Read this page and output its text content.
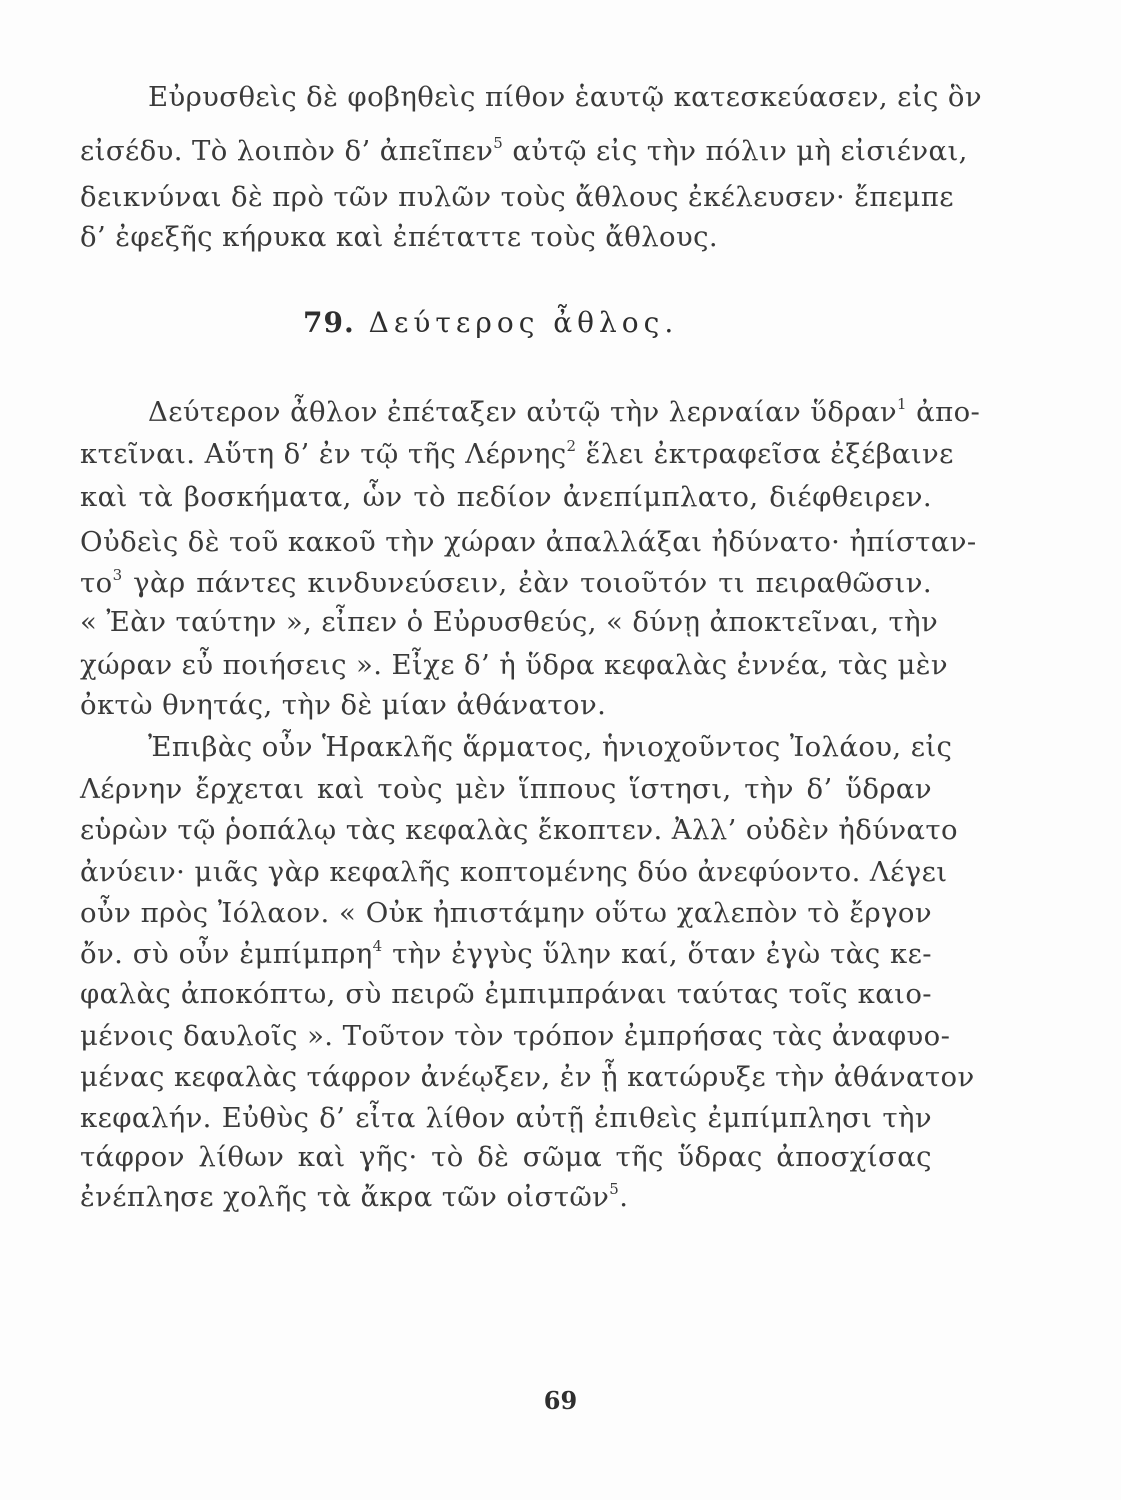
Εὐρυσθεὶς δὲ φοβηθεὶς πίθον ἑαυτῷ κατεσκεύασεν, εἰς ὃν
εἰσέδυ. Τὸ λοιπὸν δ’ ἀπεῖπεν$^5$ αὐτῷ εἰς τὴν πόλιν μὴ εἰσιέναι,
δεικνύναι δὲ πρὸ τῶν πυλῶν τοὺς ἄθλους ἐκέλευσεν· ἔπεμπε
δ’ ἐφεξῆς κήρυκα καὶ ἐπέταττε τοὺς ἄθλους.
79. Δεύτερος ἆθλος.
Δεύτερον ἆθλον ἐπέταξεν αὐτῷ τὴν λερναίαν ὕδραν$^1$ ἀπο-
κτεῖναι. Αὕτη δ’ ἐν τῷ τῆς Λέρνης$^2$ ἕλει ἐκτραφεῖσα ἐξέβαινε
καὶ τὰ βοσκήματα, ὧν τὸ πεδίον ἀνεπίμπλατο, διέφθειρεν.
Οὐδεὶς δὲ τοῦ κακοῦ τὴν χώραν ἀπαλλάξαι ἠδύνατο· ἠπίσταν-
$\tau o^3$ γὰρ πάντες κινδυνεύσειν, ἐὰν τοιοῦτόν τι πειραθῶσιν.
« Ἐὰν ταύτην », εἶπεν ὁ Εὐρυσθεύς, « δύνῃ ἀποκτεῖναι, τὴν
χώραν εὖ ποιήσεις ». Εἶχε δ’ ἡ ὕδρα κεφαλὰς ἐννέα, τὰς μὲν
ὀκτὼ θνητάς, τὴν δὲ μίαν ἀθάνατον.
Ἐπιβὰς οὖν Ἡρακλῆς ἅρματος, ἡνιοχοῦντος Ἰολάου, εἰς
Λέρνην ἔρχεται καὶ τοὺς μὲν ἵππους ἵστησι, τὴν δ’ ὕδραν
εὑρὼν τῷ ῥοπάλῳ τὰς κεφαλὰς ἔκοπτεν. Ἀλλ’ οὐδὲν ἠδύνατο
ἀνύειν· μιᾶς γὰρ κεφαλῆς κοπτομένης δύο ἀνεφύοντο. Λέγει
οὖν πρὸς Ἰόλαον. « Οὐκ ἠπιστάμην οὕτω χαλεπὸν τὸ ἔργον
ὄν. σὺ οὖν ἐμπίμπρη$^4$ τὴν ἐγγὺς ὕλην καί, ὅταν ἐγὼ τὰς κε-
φαλὰς ἀποκόπτω, σὺ πειρῶ ἐμπιμπράναι ταύτας τοῖς καιο-
μένοις δαυλοῖς ». Τοῦτον τὸν τρόπον ἐμπρήσας τὰς ἀναφυο-
μένας κεφαλὰς τάφρον ἀνέῳξεν, ἐν ᾗ κατώρυξε τὴν ἀθάνατον
κεφαλήν. Εὐθὺς δ’ εἶτα λίθον αὐτῇ ἐπιθεὶς ἐμπίμπλησι τὴν
τάφρον λίθων καὶ γῆς· τὸ δὲ σῶμα τῆς ὕδρας ἀποσχίσας
ἐνέπλησε χολῆς τὰ ἄκρα τῶν οἰστῶν$^5$.
69
